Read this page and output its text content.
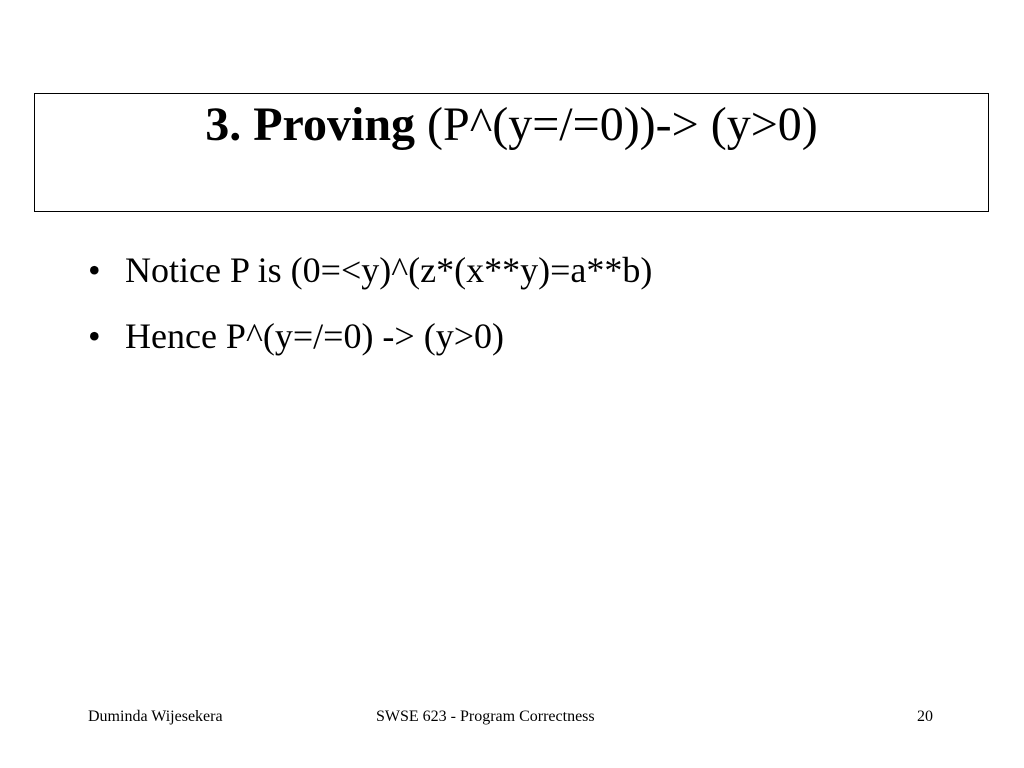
3. Proving (P^(y=/=0))-> (y>0)
• Notice P is (0=<y)^(z*(x**y)=a**b)
• Hence P^(y=/=0) -> (y>0)
Duminda Wijesekera	SWSE 623 - Program Correctness	20
